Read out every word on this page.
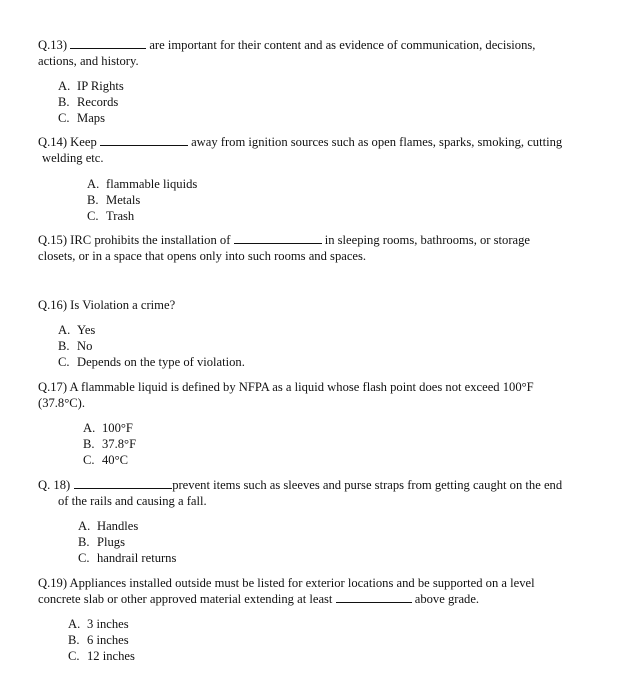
Q.13)	are important for their content and as evidence of communication, decisions,
actions, and history.
A. IP Rights
B. Records
C. Maps
Q.14) Keep	away from ignition sources such as open flames, sparks, smoking, cutting
welding etc.
A. flammable liquids
B. Metals
C. Trash
Q.15) IRC prohibits the installation of	in sleeping rooms, bathrooms, or storage
closets, or in a space that opens only into such rooms and spaces.
Q.16) Is Violation a crime?
A. Yes
B. No
C. Depends on the type of violation.
Q.17) A flammable liquid is defined by NFPA as a liquid whose flash point does not exceed 100°F
(37.8°C).
A. 100°F
B. 37.8°F
C. 40°C
Q. 18)	prevent items such as sleeves and purse straps from getting caught on the end
of the rails and causing a fall.
A. Handles
B. Plugs
C. handrail returns
Q.19) Appliances installed outside must be listed for exterior locations and be supported on a level
concrete slab or other approved material extending at least	above grade.
A. 3 inches
B. 6 inches
C. 12 inches
